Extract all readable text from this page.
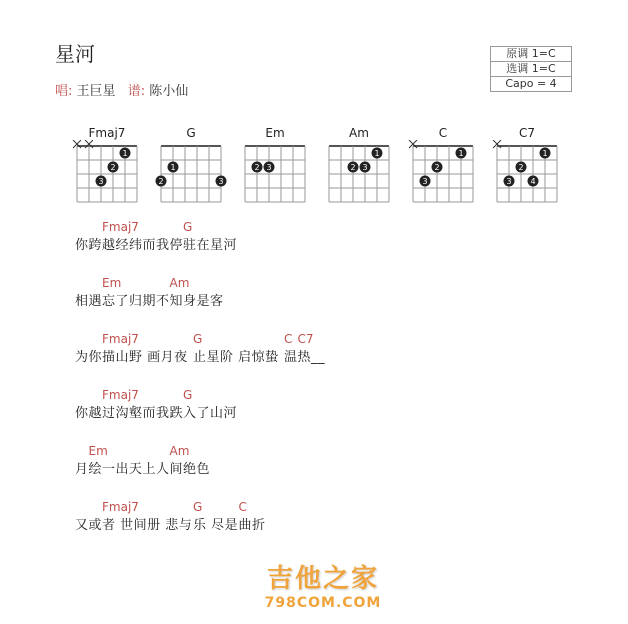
星河
唱: 王巨星 谱: 陈小仙
原调 1=C
选调 1=C
Capo = 4
Fmaj7
1
2
3
G
1
2	3
Em
2 3
Am
1
2 3
C
1
2
3
C7
1
2
3 4
你跨
Fmaj7
越经纬而我停
G
驻在星河
相遇
Em
忘了归期不
Am
知身是客
为你
Fmaj7
描山野 画月夜
G
止星阶 启惊蛰
C
温
C7
热__
你越
Fmaj7
过沟壑而我跌
G
入了山河
月
Em
绘一出天上人
Am
间绝色
又或
Fmaj7
者 世间册 悲与
G
乐 尽是
C
曲折
吉他之家
798COM.COM
